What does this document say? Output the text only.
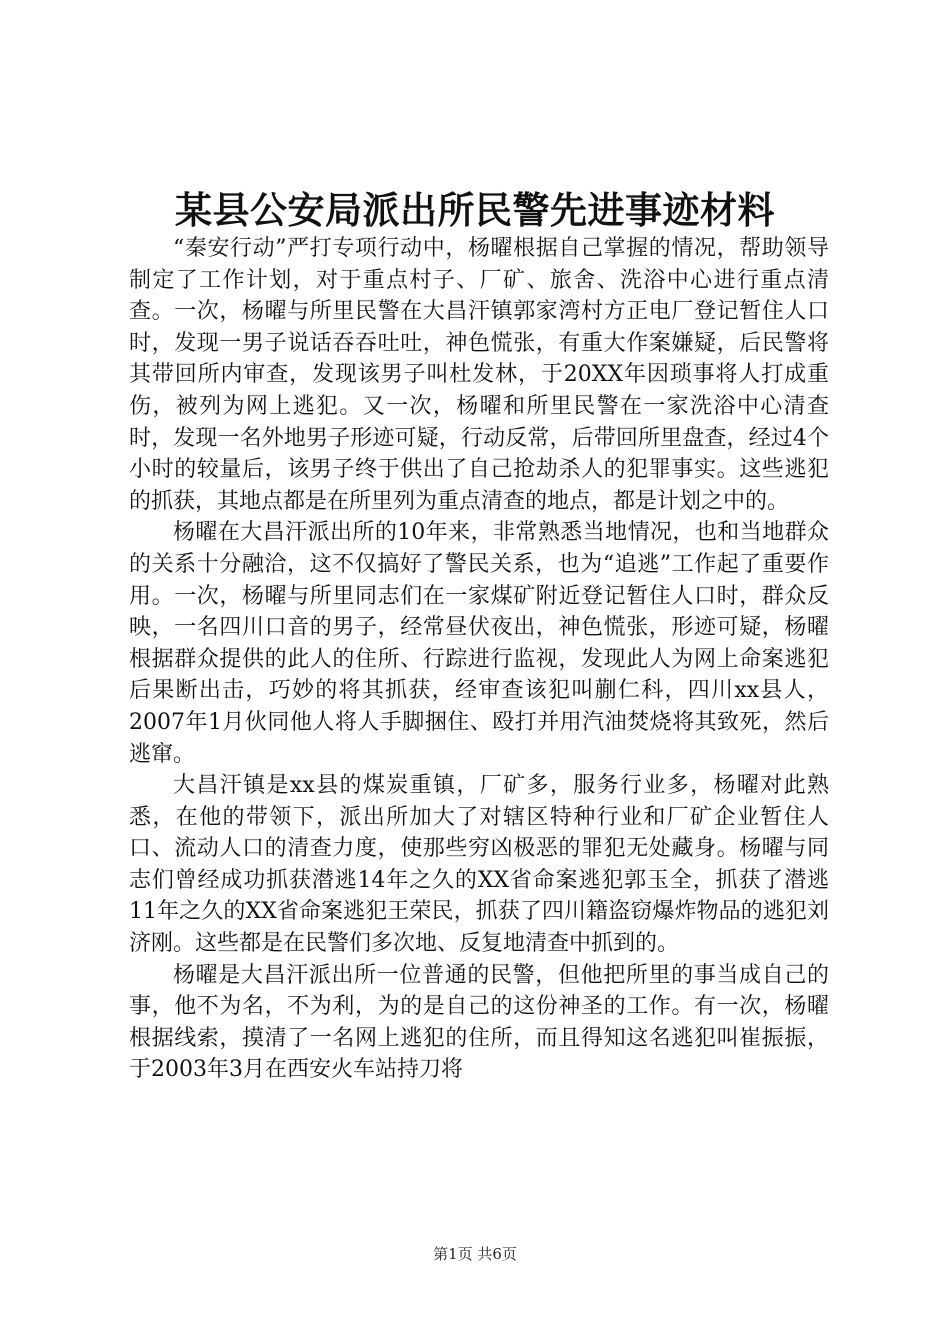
某县公安局派出所民警先进事迹材料

“秦安行动”严打专项行动中，杨曜根据自己掌握的情况，帮助领导制定了工作计划，对于重点村子、厂矿、旅舍、洗浴中心进行重点清查。一次，杨曜与所里民警在大昌汗镇郭家湾村方正电厂登记暂住人口时，发现一男子说话吞吞吐吐，神色慌张，有重大作案嫌疑，后民警将其带回所内审查，发现该男子叫杜发林，于20XX年因琐事将人打成重伤，被列为网上逃犯。又一次，杨曜和所里民警在一家洗浴中心清查时，发现一名外地男子形迹可疑，行动反常，后带回所里盘查，经过4个小时的较量后，该男子终于供出了自己抢劫杀人的犯罪事实。这些逃犯的抓获，其地点都是在所里列为重点清查的地点，都是计划之中的。

杨曜在大昌汗派出所的10年来，非常熟悉当地情况，也和当地群众的关系十分融洽，这不仅搞好了警民关系，也为“追逃”工作起了重要作用。一次，杨曜与所里同志们在一家煤矿附近登记暂住人口时，群众反映，一名四川口音的男子，经常昼伏夜出，神色慌张，形迹可疑，杨曜根据群众提供的此人的住所、行踪进行监视，发现此人为网上命案逃犯后果断出击，巧妙的将其抓获，经审查该犯叫蒯仁科，四川xx县人，2007年1月伙同他人将人手脚捆住、殴打并用汽油焚烧将其致死，然后逃窜。

大昌汗镇是xx县的煤炭重镇，厂矿多，服务行业多，杨曜对此熟悉，在他的带领下，派出所加大了对辖区特种行业和厂矿企业暂住人口、流动人口的清查力度，使那些穷凶极恶的罪犯无处藏身。杨曜与同志们曾经成功抓获潜逃14年之久的XX省命案逃犯郭玉全，抓获了潜逃11年之久的XX省命案逃犯王荣民，抓获了四川籍盗窃爆炸物品的逃犯刘济刚。这些都是在民警们多次地、反复地清查中抓到的。

杨曜是大昌汗派出所一位普通的民警，但他把所里的事当成自己的事，他不为名，不为利，为的是自己的这份神圣的工作。有一次，杨曜根据线索，摸清了一名网上逃犯的住所，而且得知这名逃犯叫崔振振，于2003年3月在西安火车站持刀将

第1页 共6页
